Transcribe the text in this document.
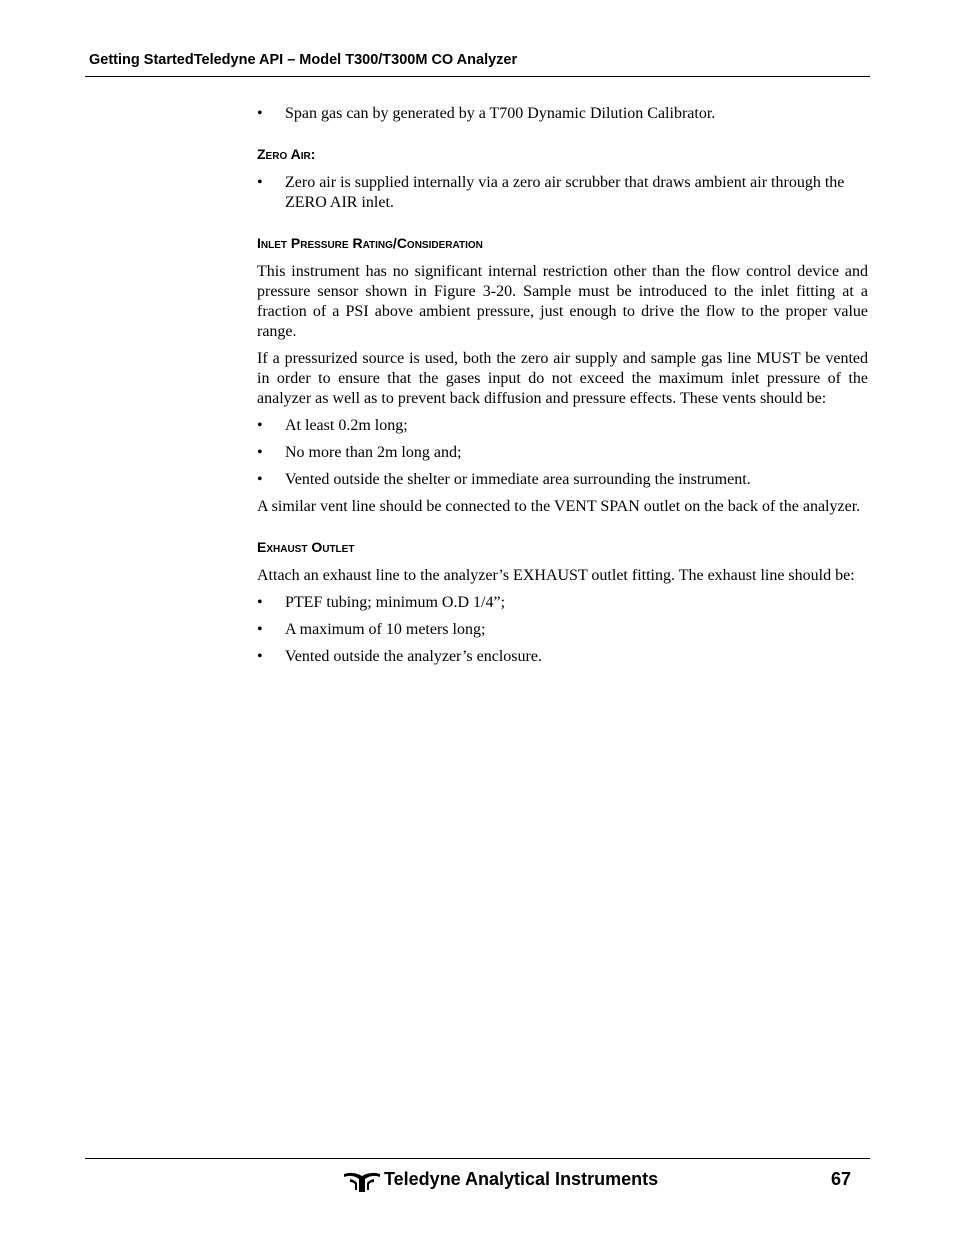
Getting StartedTeledyne API – Model T300/T300M CO Analyzer
• Span gas can by generated by a T700 Dynamic Dilution Calibrator.
Zero Air:
• Zero air is supplied internally via a zero air scrubber that draws ambient air through the ZERO AIR inlet.
Inlet Pressure Rating/Consideration

This instrument has no significant internal restriction other than the flow control device and pressure sensor shown in Figure 3-20. Sample must be introduced to the inlet fitting at a fraction of a PSI above ambient pressure, just enough to drive the flow to the proper value range.

If a pressurized source is used, both the zero air supply and sample gas line MUST be vented in order to ensure that the gases input do not exceed the maximum inlet pressure of the analyzer as well as to prevent back diffusion and pressure effects. These vents should be:

• At least 0.2m long;
• No more than 2m long and;
• Vented outside the shelter or immediate area surrounding the instrument.

A similar vent line should be connected to the VENT SPAN outlet on the back of the analyzer.

Exhaust Outlet

Attach an exhaust line to the analyzer’s EXHAUST outlet fitting. The exhaust line should be:

• PTEF tubing; minimum O.D 1/4”;
• A maximum of 10 meters long;
• Vented outside the analyzer’s enclosure.
Teledyne Analytical Instruments	67
